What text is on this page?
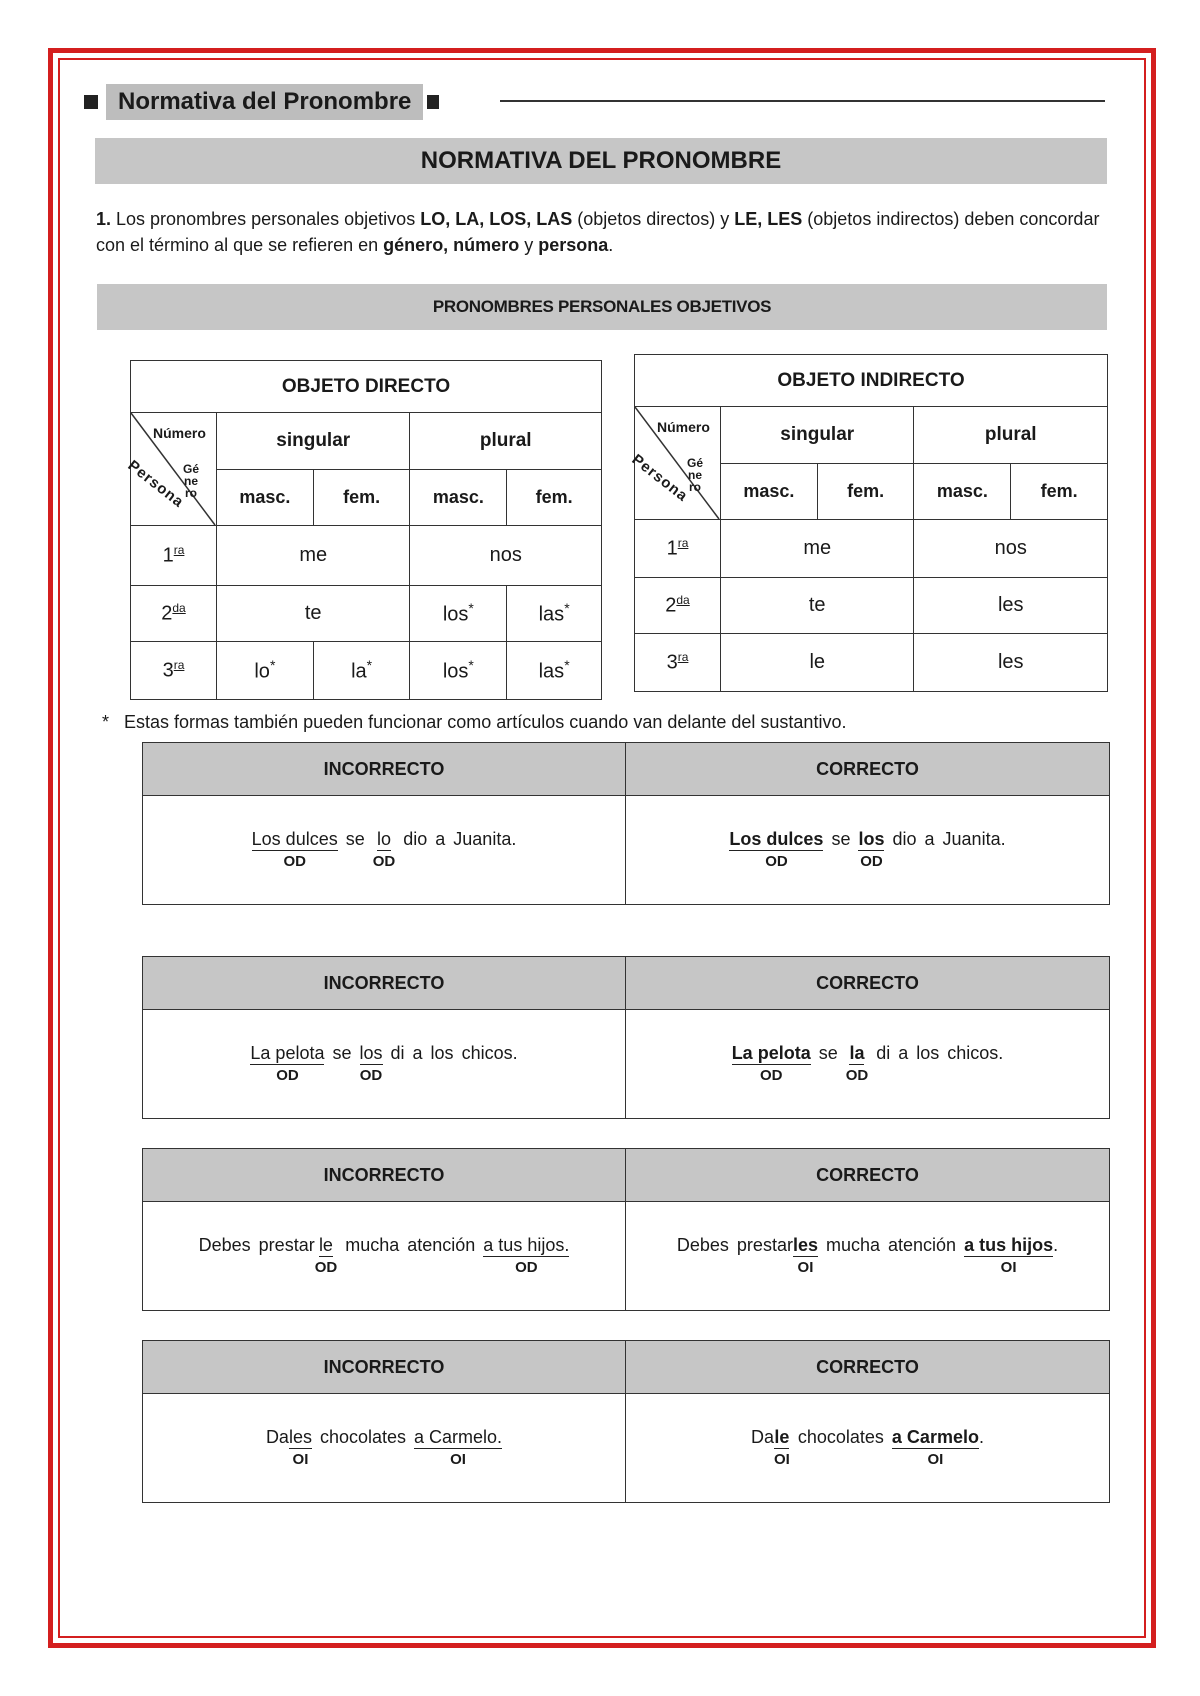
Normativa del Pronombre
NORMATIVA DEL PRONOMBRE
1. Los pronombres personales objetivos LO, LA, LOS, LAS (objetos directos) y LE, LES (objetos indirectos) deben concordar con el término al que se refieren en género, número y persona.
PRONOMBRES PERSONALES OBJETIVOS
OBJETO DIRECTO				

Número
Gé
ne
ro
Persona	singular		plural	
	masc.	fem.	masc.	fem.
$1^{ra}$	me		nos	
$2^{da}$	te		los*	las*
$3^{ra}$	lo*	la*	los*	las*
OBJETO INDIRECTO				

Número
Gé
ne
ro
Persona	singular		plural	
	masc.	fem.	masc.	fem.
$1^{ra}$	me		nos	
$2^{da}$	te		les	
$3^{ra}$	le		les	
* Estas formas también pueden funcionar como artículos cuando van delante del sustantivo.
INCORRECTO	CORRECTO
Los dulces
OD
se lo
OD
dio a Juanita.	Los dulces
OD
se los
OD
dio a Juanita.
INCORRECTO	CORRECTO
La pelota
OD
se los
OD
di a los chicos.	La pelota
OD
se la
OD
di a los chicos.
INCORRECTO	CORRECTO
Debes prestar le
OD
mucha atención a tus hijos.
OD
Debes prestar les
OI
mucha atención a tus hijos
OI
.
INCORRECTO	CORRECTO
Da les
OI
chocolates a Carmelo.
OI
Da le
OI
chocolates a Carmelo
OI
.
